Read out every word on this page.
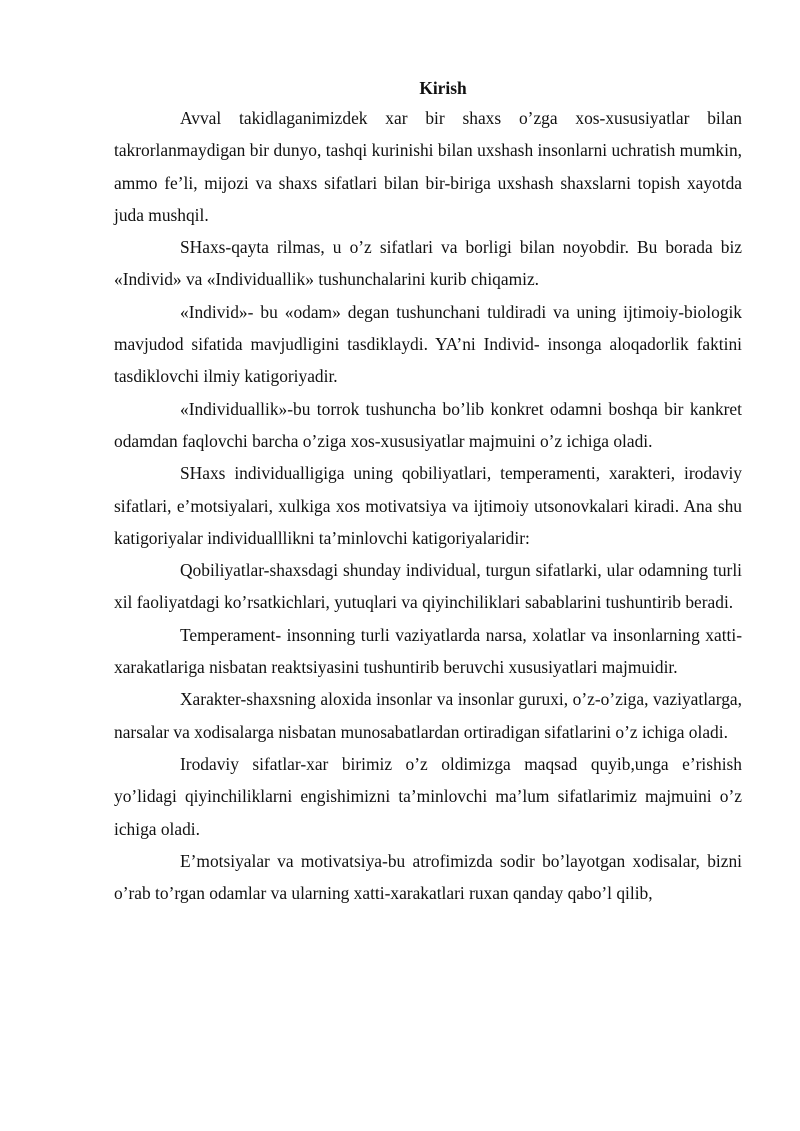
Kirish

Avval takidlaganimizdek xar bir shaxs o’zga xos-xususiyatlar bilan takrorlanmaydigan bir dunyo, tashqi kurinishi bilan uxshash insonlarni uchratish mumkin, ammo fe’li, mijozi va shaxs sifatlari bilan bir-biriga uxshash shaxslarni topish xayotda juda mushqil.

SHaxs-qayta rilmas, u o’z sifatlari va borligi bilan noyobdir. Bu borada biz «Individ» va «Individuallik» tushunchalarini kurib chiqamiz.

«Individ»- bu «odam» degan tushunchani tuldiradi va uning ijtimoiy-biologik mavjudod sifatida mavjudligini tasdiklaydi. YA’ni Individ- insonga aloqadorlik faktini tasdiklovchi ilmiy katigoriyadir.

«Individuallik»-bu torrok tushuncha bo’lib konkret odamni boshqa bir kankret odamdan faqlovchi barcha o’ziga xos-xususiyatlar majmuini o’z ichiga oladi.

SHaxs individualligiga uning qobiliyatlari, temperamenti, xarakteri, irodaviy sifatlari, e’motsiyalari, xulkiga xos motivatsiya va ijtimoiy utsonovkalari kiradi. Ana shu katigoriyalar individualllikni ta’minlovchi katigoriyalaridir:

Qobiliyatlar-shaxsdagi shunday individual, turgun sifatlarki, ular odamning turli xil faoliyatdagi ko’rsatkichlari, yutuqlari va qiyinchiliklari sabablarini tushuntirib beradi.

Temperament- insonning turli vaziyatlarda narsa, xolatlar va insonlarning xatti-xarakatlariga nisbatan reaktsiyasini tushuntirib beruvchi xususiyatlari majmuidir.

Xarakter-shaxsning aloxida insonlar va insonlar guruxi, o’z-o’ziga, vaziyatlarga, narsalar va xodisalarga nisbatan munosabatlardan ortiradigan sifatlarini o’z ichiga oladi.

Irodaviy sifatlar-xar birimiz o’z oldimizga maqsad quyib,unga e’rishish yo’lidagi qiyinchiliklarni engishimizni ta’minlovchi ma’lum sifatlarimiz majmuini o’z ichiga oladi.

E’motsiyalar va motivatsiya-bu atrofimizda sodir bo’layotgan xodisalar, bizni o’rab to’rgan odamlar va ularning xatti-xarakatlari ruxan qanday qabo’l qilib,
